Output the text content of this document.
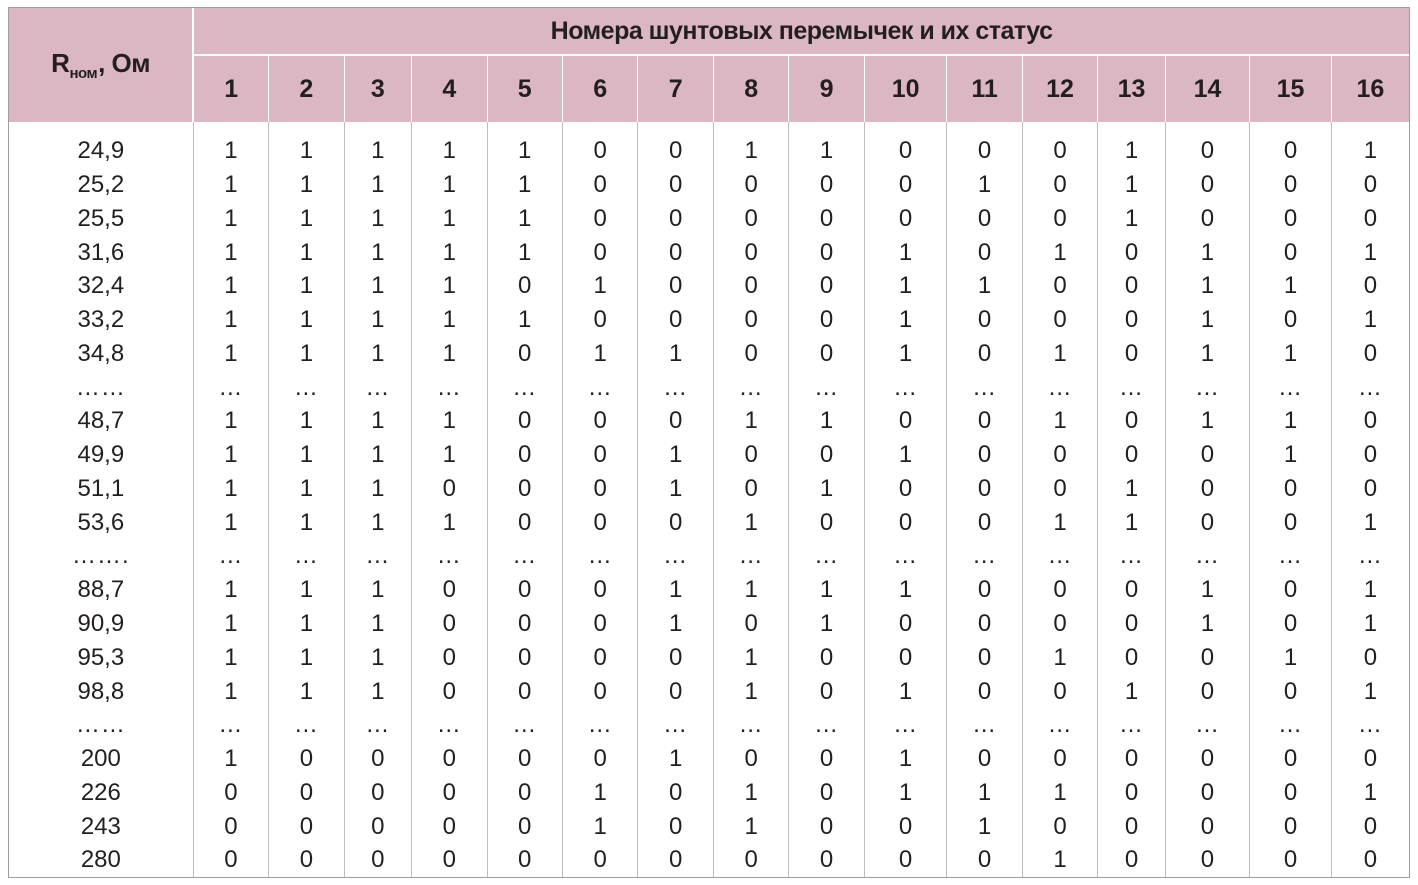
$R_{ном}$, Ом	Номера шунтовых перемычек и их статус															
	1	2	3	4	5	6	7	8	9	10	11	12	13	14	15	16
24,9	1	1	1	1	1	0	0	1	1	0	0	0	1	0	0	1
25,2	1	1	1	1	1	0	0	0	0	0	1	0	1	0	0	0
25,5	1	1	1	1	1	0	0	0	0	0	0	0	1	0	0	0
31,6	1	1	1	1	1	0	0	0	0	1	0	1	0	1	0	1
32,4	1	1	1	1	0	1	0	0	0	1	1	0	0	1	1	0
33,2	1	1	1	1	1	0	0	0	0	1	0	0	0	1	0	1
34,8	1	1	1	1	0	1	1	0	0	1	0	1	0	1	1	0
……	…	…	…	…	…	…	…	…	…	…	…	…	…	…	…	…
48,7	1	1	1	1	0	0	0	1	1	0	0	1	0	1	1	0
49,9	1	1	1	1	0	0	1	0	0	1	0	0	0	0	1	0
51,1	1	1	1	0	0	0	1	0	1	0	0	0	1	0	0	0
53,6	1	1	1	1	0	0	0	1	0	0	0	1	1	0	0	1
…….	…	…	…	…	…	…	…	…	…	…	…	…	…	…	…	…
88,7	1	1	1	0	0	0	1	1	1	1	0	0	0	1	0	1
90,9	1	1	1	0	0	0	1	0	1	0	0	0	0	1	0	1
95,3	1	1	1	0	0	0	0	1	0	0	0	1	0	0	1	0
98,8	1	1	1	0	0	0	0	1	0	1	0	0	1	0	0	1
……	…	…	…	…	…	…	…	…	…	…	…	…	…	…	…	…
200	1	0	0	0	0	0	1	0	0	1	0	0	0	0	0	0
226	0	0	0	0	0	1	0	1	0	1	1	1	0	0	0	1
243	0	0	0	0	0	1	0	1	0	0	1	0	0	0	0	0
280	0	0	0	0	0	0	0	0	0	0	0	1	0	0	0	0
